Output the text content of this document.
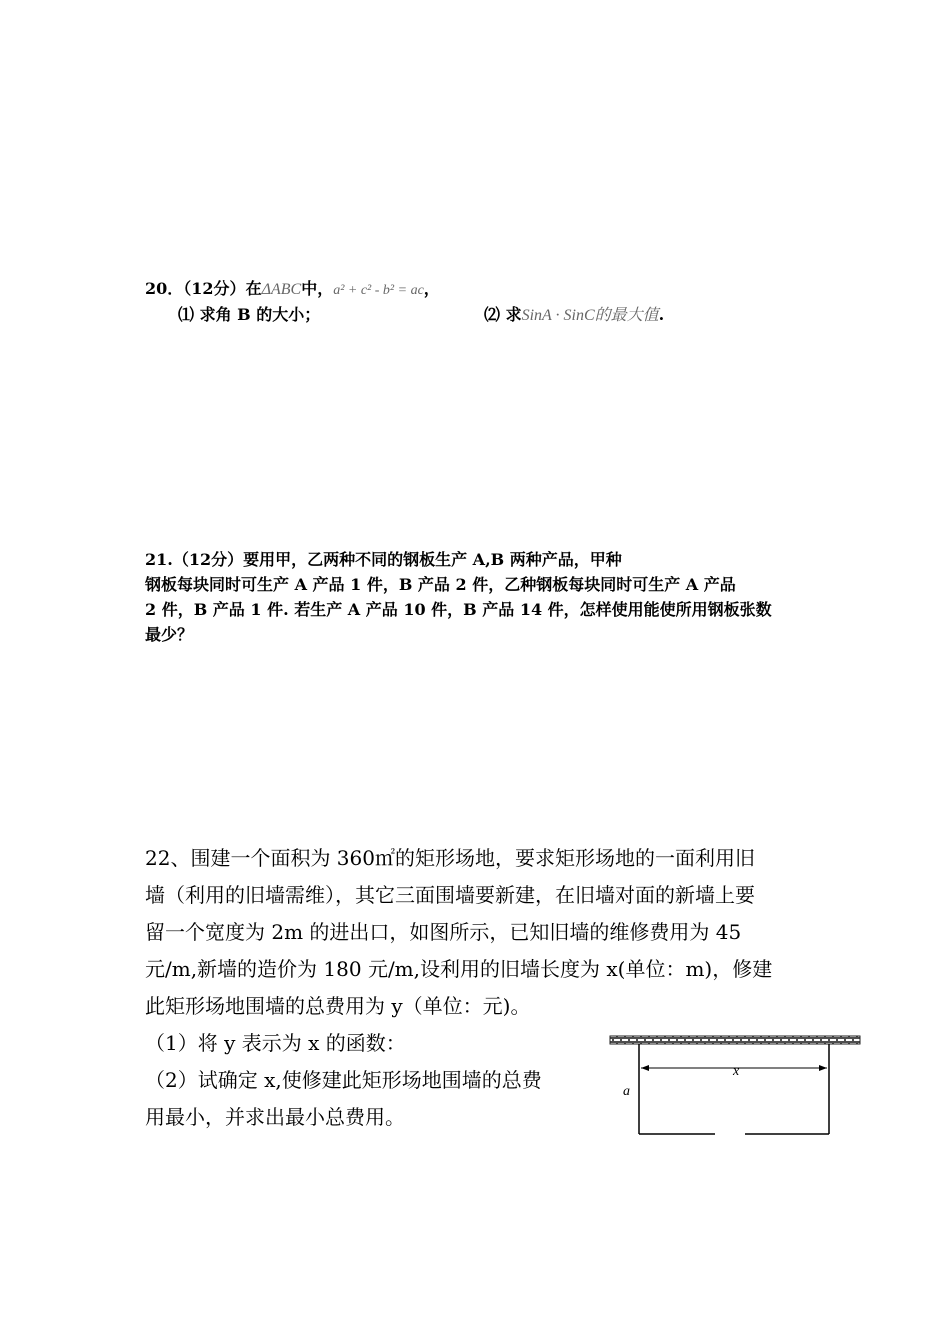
20．（12分）在ΔABC中，a² + c² - b² = ac，
⑴ 求角 B 的大小；	⑵ 求SinA · SinC的最大值.
21.（12分）要用甲，乙两种不同的钢板生产 A,B 两种产品，甲种
钢板每块同时可生产 A 产品 1 件，B 产品 2 件，乙种钢板每块同时可生产 A 产品
2 件，B 产品 1 件. 若生产 A 产品 10 件，B 产品 14 件，怎样使用能使所用钢板张数
最少？
22、围建一个面积为 360㎡的矩形场地，要求矩形场地的一面利用旧
墙（利用的旧墙需维），其它三面围墙要新建，在旧墙对面的新墙上要
留一个宽度为 2m 的进出口，如图所示，已知旧墙的维修费用为 45
元/m,新墙的造价为 180 元/m,设利用的旧墙长度为 x(单位：m)，修建
此矩形场地围墙的总费用为 y（单位：元)。
（1）将 y 表示为 x 的函数：
（2）试确定 x,使修建此矩形场地围墙的总费
用最小，并求出最小总费用。
x
a
